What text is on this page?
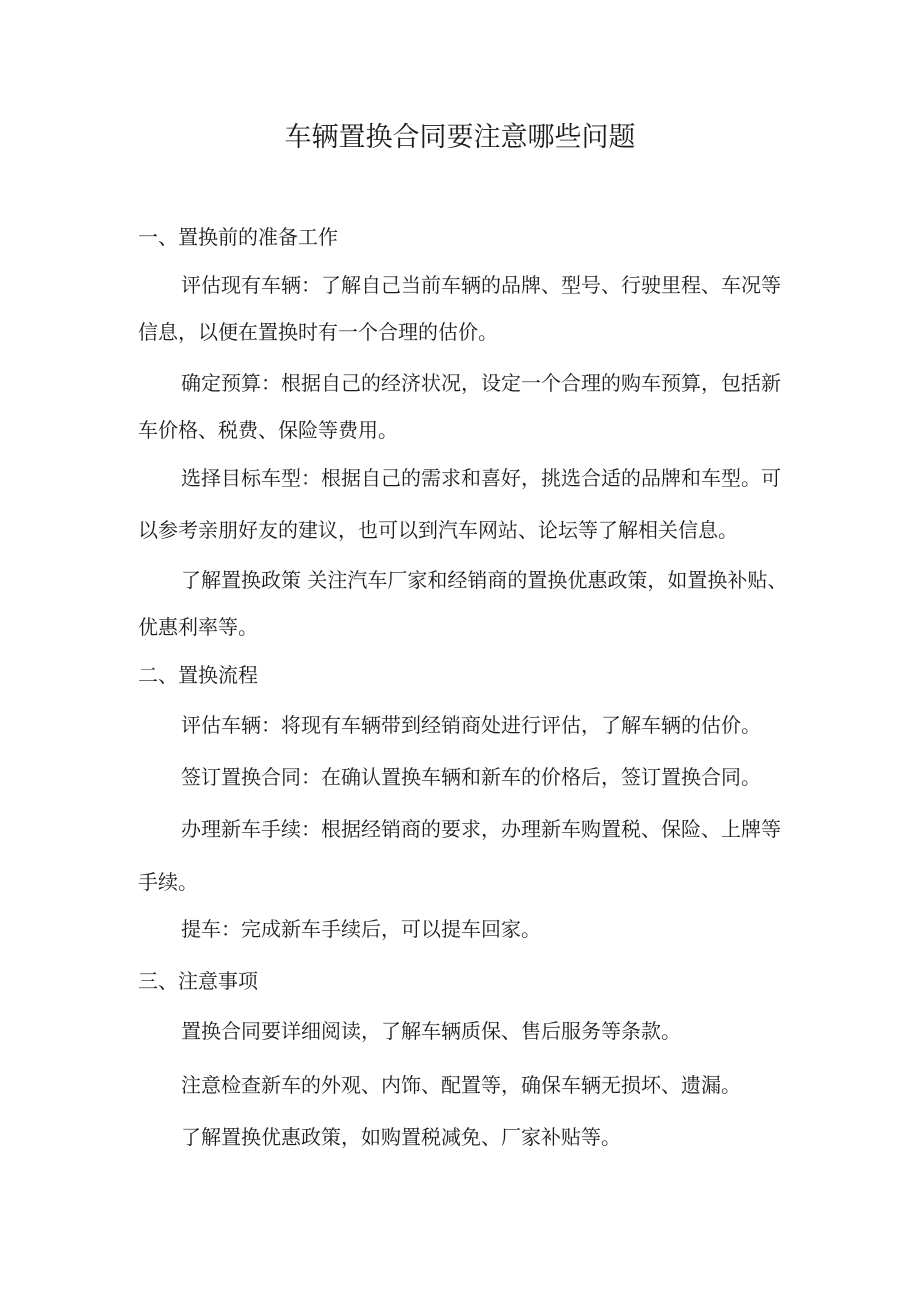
车辆置换合同要注意哪些问题
一、置换前的准备工作
评估现有车辆：了解自己当前车辆的品牌、型号、行驶里程、车况等
信息，以便在置换时有一个合理的估价。
确定预算：根据自己的经济状况，设定一个合理的购车预算，包括新
车价格、税费、保险等费用。
选择目标车型：根据自己的需求和喜好，挑选合适的品牌和车型。可
以参考亲朋好友的建议，也可以到汽车网站、论坛等了解相关信息。
了解置换政策 关注汽车厂家和经销商的置换优惠政策，如置换补贴、
优惠利率等。
二、置换流程
评估车辆：将现有车辆带到经销商处进行评估，了解车辆的估价。
签订置换合同：在确认置换车辆和新车的价格后，签订置换合同。
办理新车手续：根据经销商的要求，办理新车购置税、保险、上牌等
手续。
提车：完成新车手续后，可以提车回家。
三、注意事项
置换合同要详细阅读，了解车辆质保、售后服务等条款。
注意检查新车的外观、内饰、配置等，确保车辆无损坏、遗漏。
了解置换优惠政策，如购置税减免、厂家补贴等。
